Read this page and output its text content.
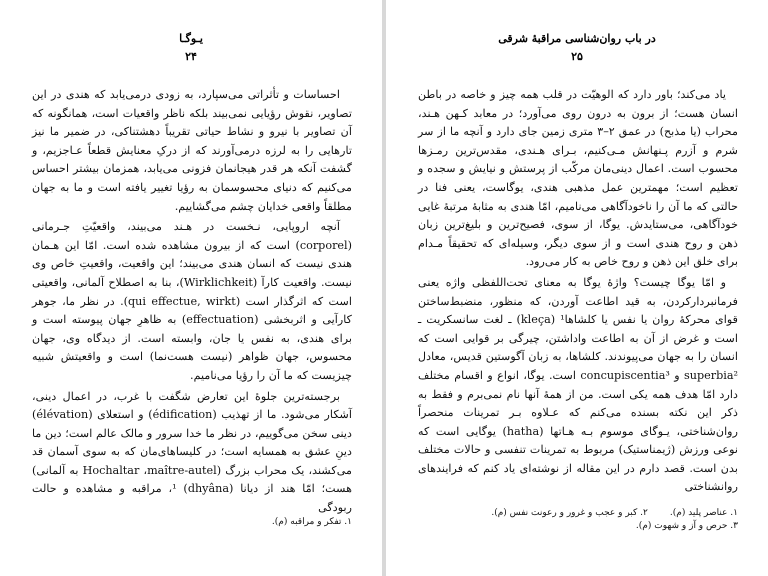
یـوگـا
۲۴

احساسات و تأثراتی می‌سپارد، به زودی درمی‌یابد که هندی در این تصاویر، نقوش رؤیایی نمی‌بیند بلکه ناظر واقعیات است، همانگونه که آن تصاویر با نیرو و نشاط حیاتی تقریباً دهشتناکی، در ضمیر ما نیز تارهایی را به لرزه درمی‌آورند که از درکِ معنایش قطعاً عـاجزیم، و گشفت آنکه هر قدر هیجانمان فزونی می‌یابد، همزمان بیشتر احساس می‌کنیم که دنیای محسوسمان به رؤیا تغییر یافته است و ما به جهان مطلقاً واقعی خدایان چشم می‌گشاییم.

آنچه اروپایی، نـخست در هـند می‌بیند، واقعیّتِ جـرمانی (corporel) است که از بیرون مشاهده شده است. امّا این هـمان هندی نیست که انسان هندی می‌بیند؛ این واقعیت، واقعیتِ خاص وی نیست. واقعیت کارآ (Wirklichkeit)، بنا به اصطلاح آلمانی، واقعیتی است که اثرگذار است (qui effectue, wirkt). در نظر ما، جوهر کارآیی و اثربخشی (effectuation) به ظاهرِ جهان پیوسته است و برای هندی، به نفس یا جان، وابسته است. از دیدگاه وی، جهان محسوس، جهان ظواهر (نیست هست‌نما) است و واقعیتش شبیه چیزیست که ما آن را رؤیا می‌نامیم.

برجسته‌ترین جلوهٔ این تعارض شگفت با غرب، در اعمال دینی، آشکار می‌شود. ما از تهذیب (édification) و استعلای (élévation) دینی سخن می‌گوییم، در نظر ما خدا سرور و مالک عالم است؛ دین ما دینِ عشق به همسایه است؛ در کلیساهای‌مان که به سوی آسمان قد می‌کشند، یک محراب بزرگ (Hochaltar ،maître-autel به آلمانی) هست؛ امّا هند از دیانا (dhyâna) ¹، مراقبه و مشاهده و حالت ربودگی

۱. تفکر و مراقبه (م).
در باب روان‌شناسی مراقبهٔ شرقی
۲۵

یاد می‌کند؛ باور دارد که الوهیّت در قلب همه چیز و خاصه در باطن انسان هست؛ از برون به درون روی می‌آورد؛ در معابد کـهن هـند، محراب (یا مذبح) در عمق ۲–۳ متری زمین جای دارد و آنچه ما از سر شرم و آزرم پـنهانش مـی‌کنیم، بـرای هـندی، مقدس‌ترین رمـزها محسوب است. اعمال دینی‌مان مرکّب از پرستش و نیایش و سجده و تعظیم است؛ مهمترین عمل مذهبی هندی، یوگاست، یعنی فنا در حالتی که ما آن را ناخودآگاهی می‌نامیم، امّا هندی به مثابهٔ مرتبهٔ غایی خودآگاهی، می‌ستایدش. یوگا، از سوی، فصیح‌ترین و بلیغ‌ترین زبان ذهن و روح هندی است و از سوی دیگر، وسیله‌ای که تحقیقاً مـدام برای خلق این ذهن و روح خاص به کار می‌رود.

و امّا یوگا چیست؟ واژهٔ یوگا به معنای تحت‌اللفظی واژه یعنی فرمانبردارکردن، به قید اطاعت آوردن، که منظور، منضبط‌ساختن قوای محرکهٔ روان یا نفس یا کلشاها¹ (kleça) ـ لغت سانسکریت ـ است و غرض از آن به اطاعت واداشتن، چیرگی بر قوایی است که انسان را به جهان می‌پیوندند. کلشاها، به زبان آگوستین قدیس، معادل superbia² و concupiscentia³ است. یوگا، انواع و اقسام مختلف دارد امّا هدف همه یکی است. من از همهٔ آنها نام نمی‌برم و فقط به ذکر این نکته بسنده می‌کنم که عـلاوه بـر تمرینات منحصراً روان‌شناختی، یـوگای موسوم بـه هـاتها (hatha) یوگایی است که نوعی ورزش (ژیمناستیک) مربوط به تمرینات تنفسی و حالات مختلف بدن است. قصد دارم در این مقاله از نوشته‌ای یاد کنم که فرایندهای روانشناختی

۱. عناصر پلید (م).
۲. کبر و عجب و غرور و رعونت نفس (م).
۳. حرص و آز و شهوت (م).
